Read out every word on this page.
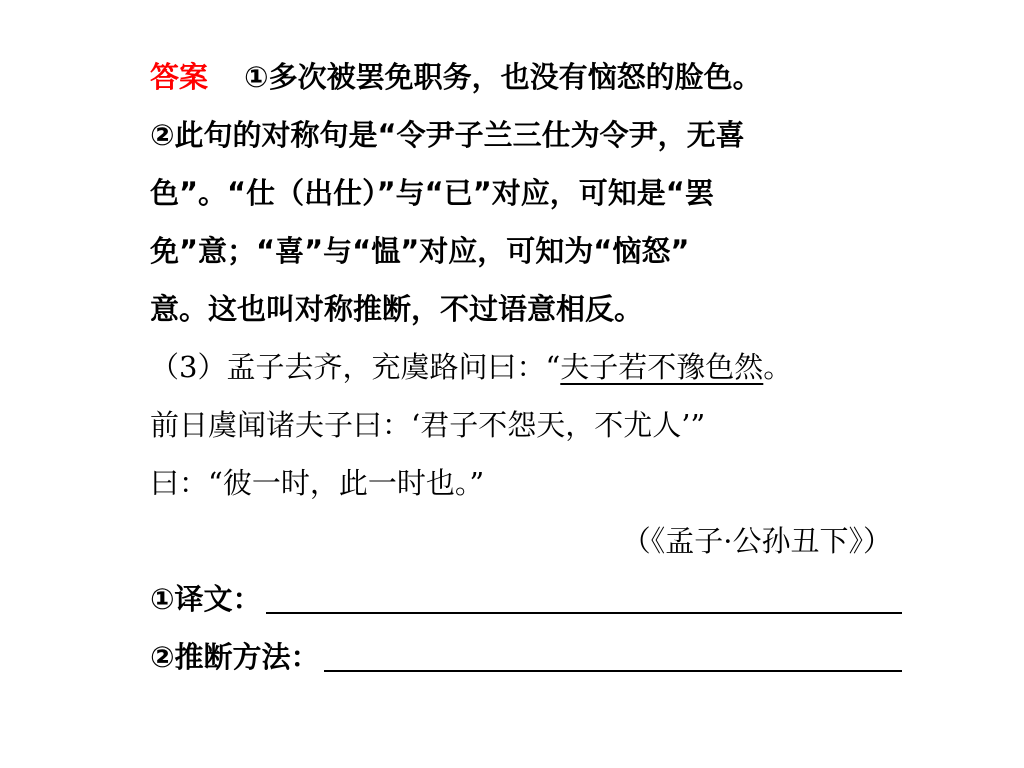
答案 ①多次被罢免职务，也没有恼怒的脸色。
②此句的对称句是“令尹子兰三仕为令尹，无喜
色”。“仕（出仕）”与“已”对应，可知是“罢
免”意；“喜”与“愠”对应，可知为“恼怒”
意。这也叫对称推断，不过语意相反。
（3）孟子去齐，充虞路问曰：“夫子若不豫色然。
前日虞闻诸夫子曰：‘君子不怨天，不尤人’”
曰：“彼一时，此一时也。”
（《孟子·公孙丑下》）
①译文：
②推断方法：
